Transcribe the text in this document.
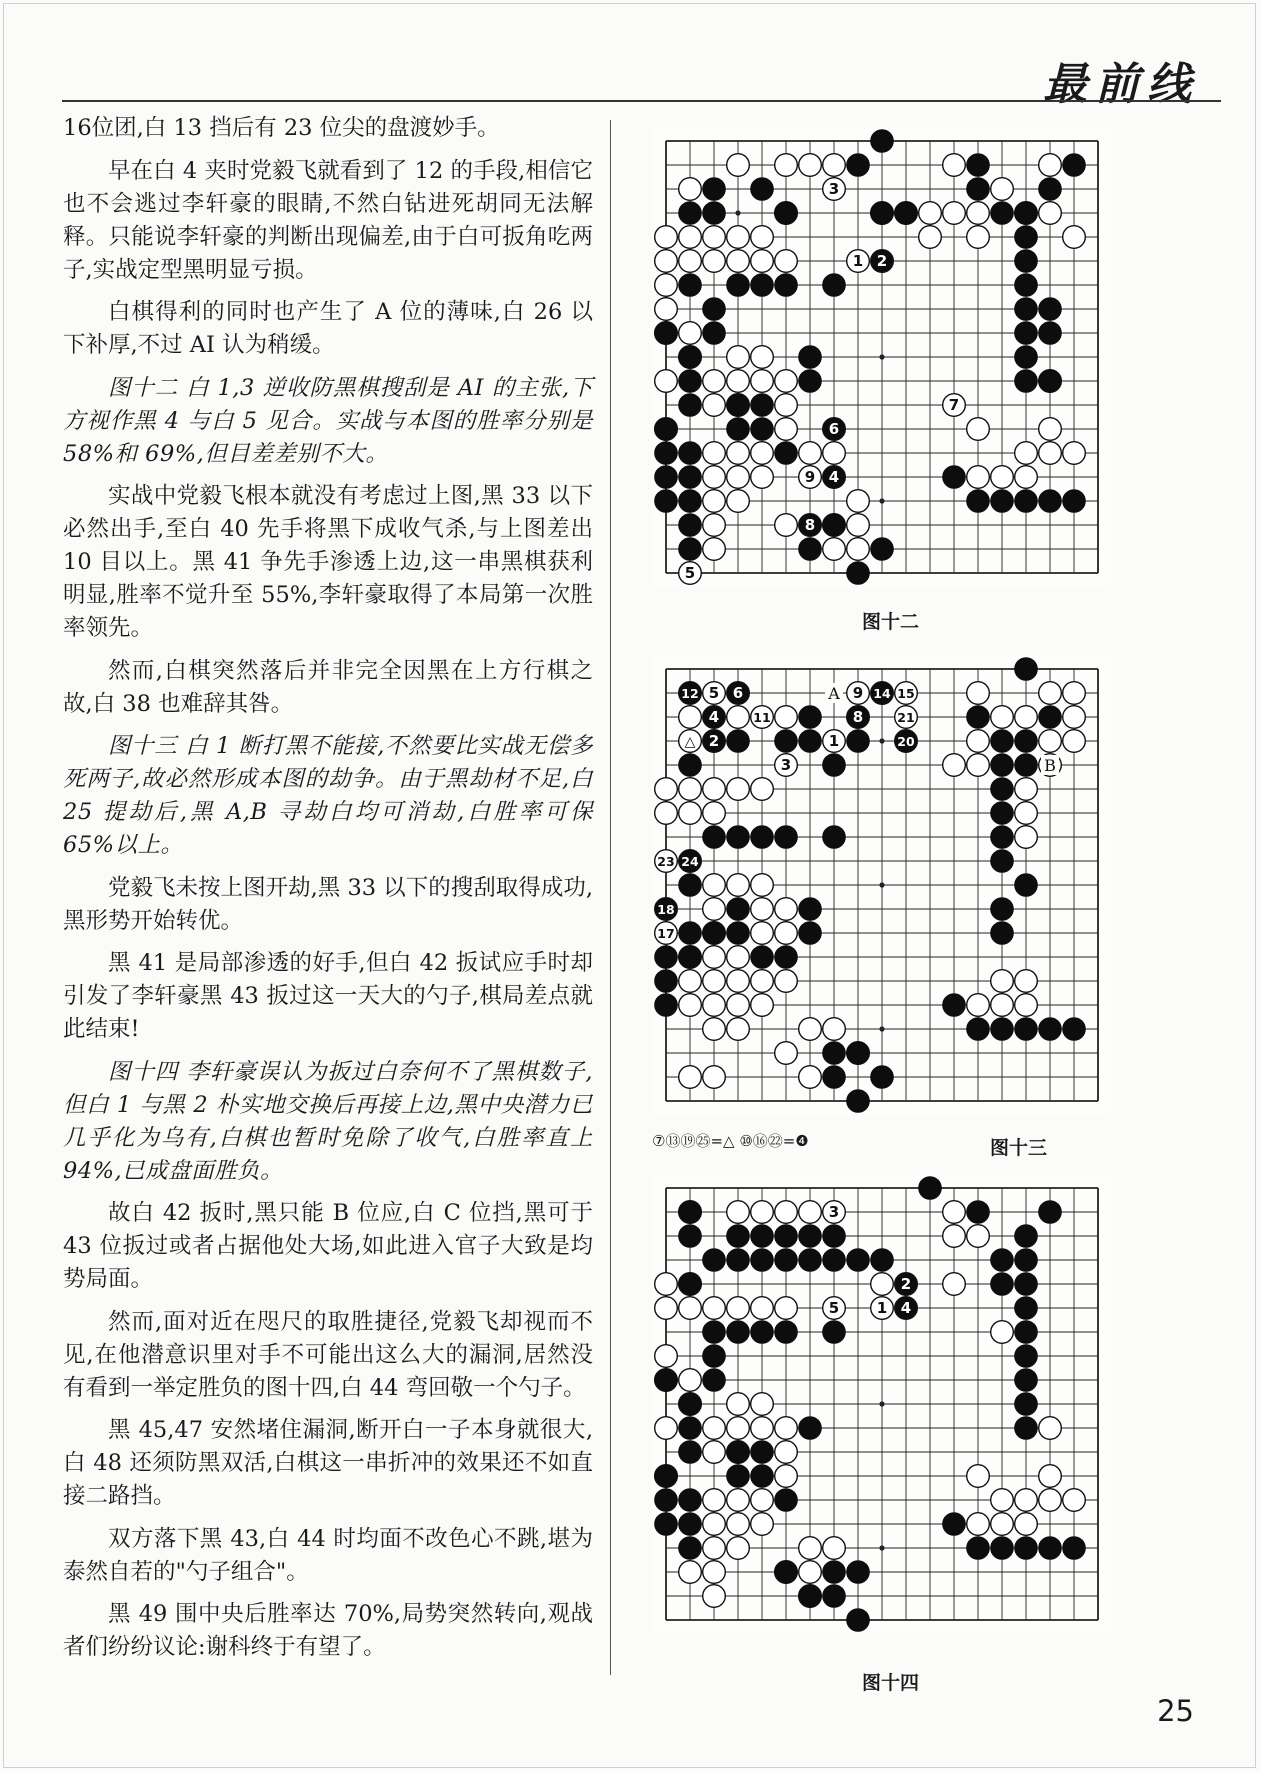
最前线

16位团,白 13 挡后有 23 位尖的盘渡妙手。

早在白 4 夹时党毅飞就看到了 12 的手段,相信它也不会逃过李轩豪的眼睛,不然白钻进死胡同无法解释。只能说李轩豪的判断出现偏差,由于白可扳角吃两子,实战定型黑明显亏损。

白棋得利的同时也产生了 A 位的薄味,白 26 以下补厚,不过 AI 认为稍缓。

图十二 白 1,3 逆收防黑棋搜刮是 AI 的主张,下方视作黑 4 与白 5 见合。实战与本图的胜率分别是 58%和 69%,但目差差别不大。

实战中党毅飞根本就没有考虑过上图,黑 33 以下必然出手,至白 40 先手将黑下成收气杀,与上图差出 10 目以上。黑 41 争先手渗透上边,这一串黑棋获利明显,胜率不觉升至 55%,李轩豪取得了本局第一次胜率领先。

然而,白棋突然落后并非完全因黑在上方行棋之故,白 38 也难辞其咎。

图十三 白 1 断打黑不能接,不然要比实战无偿多死两子,故必然形成本图的劫争。由于黑劫材不足,白 25 提劫后,黑 A,B 寻劫白均可消劫,白胜率可保 65%以上。

党毅飞未按上图开劫,黑 33 以下的搜刮取得成功,黑形势开始转优。

黑 41 是局部渗透的好手,但白 42 扳试应手时却引发了李轩豪黑 43 扳过这一天大的勺子,棋局差点就此结束!

图十四 李轩豪误认为扳过白奈何不了黑棋数子,但白 1 与黑 2 朴实地交换后再接上边,黑中央潜力已几乎化为乌有,白棋也暂时免除了收气,白胜率直上 94%,已成盘面胜负。

故白 42 扳时,黑只能 B 位应,白 C 位挡,黑可于 43 位扳过或者占据他处大场,如此进入官子大致是均势局面。

然而,面对近在咫尺的取胜捷径,党毅飞却视而不见,在他潜意识里对手不可能出这么大的漏洞,居然没有看到一举定胜负的图十四,白 44 弯回敬一个勺子。

黑 45,47 安然堵住漏洞,断开白一子本身就很大,白 48 还须防黑双活,白棋这一串折冲的效果还不如直接二路挡。

双方落下黑 43,白 44 时均面不改色心不跳,堪为泰然自若的"勺子组合"。

黑 49 围中央后胜率达 70%,局势突然转向,观战者们纷纷议论:谢科终于有望了。

3
1 2
7
6
9 4
8
5
图十二
12 5 6	9 14 15
4	11	8	21
2	1	20
3
23 24
18
17
A
B
△
⑦⑬⑲㉕=△ ⑩⑯㉒=❹	图十三
3
2
5	1 4
图十四
25
